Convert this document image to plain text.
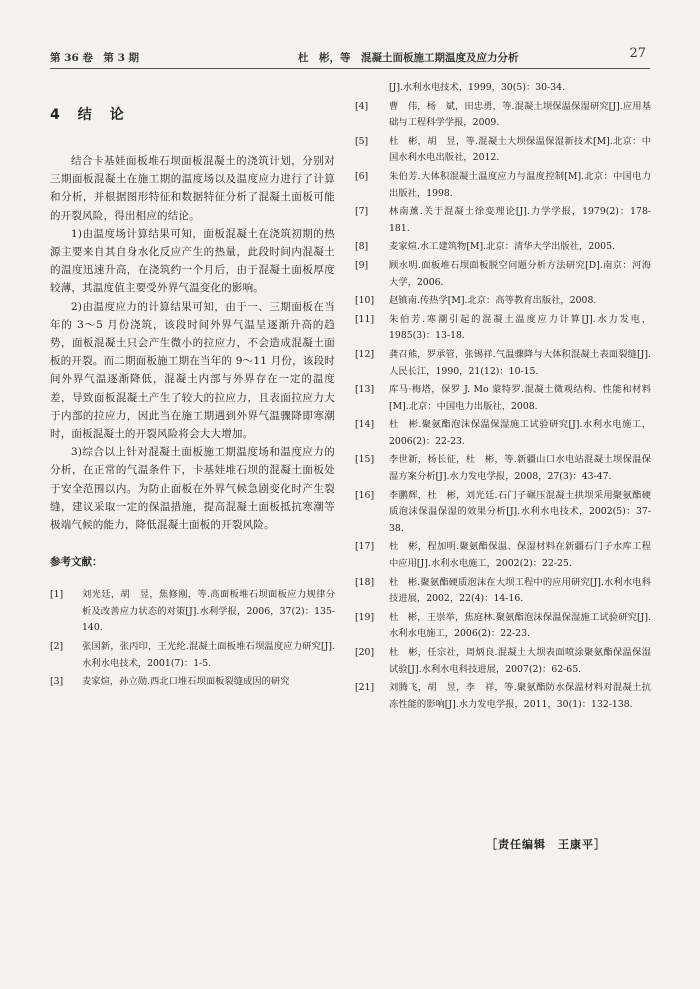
第 36 卷　第 3 期	杜　彬，等　混凝土面板施工期温度及应力分析	27
4　结　论

结合卡基娃面板堆石坝面板混凝土的浇筑计划，分别对三期面板混凝土在施工期的温度场以及温度应力进行了计算和分析，并根据图形特征和数据特征分析了混凝土面板可能的开裂风险，得出相应的结论。

1)由温度场计算结果可知，面板混凝土在浇筑初期的热源主要来自其自身水化反应产生的热量，此段时间内混凝土的温度迅速升高，在浇筑约一个月后，由于混凝土面板厚度较薄，其温度值主要受外界气温变化的影响。

2)由温度应力的计算结果可知，由于一、三期面板在当年的 3～5 月份浇筑，该段时间外界气温呈逐渐升高的趋势，面板混凝土只会产生微小的拉应力，不会造成混凝土面板的开裂。而二期面板施工期在当年的 9～11 月份，该段时间外界气温逐渐降低，混凝土内部与外界存在一定的温度差，导致面板混凝土产生了较大的拉应力，且表面拉应力大于内部的拉应力，因此当在施工期遇到外界气温骤降即寒潮时，面板混凝土的开裂风险将会大大增加。

3)综合以上针对混凝土面板施工期温度场和温度应力的分析，在正常的气温条件下，卡基娃堆石坝的混凝土面板处于安全范围以内。为防止面板在外界气候急剧变化时产生裂缝，建议采取一定的保温措施，提高混凝土面板抵抗寒潮等极端气候的能力，降低混凝土面板的开裂风险。

参考文献：
[1]	刘光廷，胡　昱，焦修刚，等.高面板堆石坝面板应力规律分析及改善应力状态的对策[J].水利学报，2006，37(2)：135-140.
[2]	张国新，张丙印，王光纶.混凝土面板堆石坝温度应力研究[J].水利水电技术，2001(7)：1-5.
[3]	麦家煊，孙立勋.西北口堆石坝面板裂缝成因的研究
[J].水利水电技术，1999，30(5)：30-34.
[4]	曹　伟，杨　斌，田忠勇，等.混凝土坝保温保湿研究[J].应用基础与工程科学学报，2009.
[5]	杜　彬，胡　昱，等.混凝土大坝保温保湿新技术[M].北京：中国水利水电出版社，2012.
[6]	朱伯芳.大体积混凝土温度应力与温度控制[M].北京：中国电力出版社，1998.
[7]	林南薰.关于混凝土徐变理论[J].力学学报，1979(2)：178-181.
[8]	麦家煊.水工建筑物[M].北京：清华大学出版社，2005.
[9]	顾水明.面板堆石坝面板脱空问题分析方法研究[D].南京：河海大学，2006.
[10]	赵镇南.传热学[M].北京：高等教育出版社，2008.
[11]	朱伯芳.寒潮引起的混凝土温度应力计算[J].水力发电，1985(3)：13-18.
[12]	龚召熊，罗承管，张锡祥.气温骤降与大体积混凝土表面裂缝[J].人民长江，1990，21(12)：10-15.
[13]	库马·梅塔，保罗 J. Mo 蒙特罗.混凝土微观结构、性能和材料[M].北京：中国电力出版社，2008.
[14]	杜　彬.聚氨酯泡沫保温保湿施工试验研究[J].水利水电施工，2006(2)：22-23.
[15]	李世新，杨长征，杜　彬，等.新疆山口水电站混凝土坝保温保湿方案分析[J].水力发电学报，2008，27(3)：43-47.
[16]	李鹏辉，杜　彬，刘光廷.石门子碾压混凝土拱坝采用聚氨酯硬质泡沫保温保湿的效果分析[J].水利水电技术，2002(5)：37-38.
[17]	杜　彬，程加明.聚氨酯保温、保湿材料在新疆石门子水库工程中应用[J].水利水电施工，2002(2)：22-25.
[18]	杜　彬.聚氨酯硬质泡沫在大坝工程中的应用研究[J].水利水电科技进展，2002，22(4)：14-16.
[19]	杜　彬，王崇举，焦庭林.聚氨酯泡沫保温保湿施工试验研究[J].水利水电施工，2006(2)：22-23.
[20]	杜　彬，任宗社，周炳良.混凝土大坝表面喷涂聚氨酯保温保湿试验[J].水利水电科技进展，2007(2)：62-65.
[21]	刘腾飞，胡　昱，李　祥，等.聚氨酯防水保温材料对混凝土抗冻性能的影响[J].水力发电学报，2011，30(1)：132-138.
［责任编辑　王康平］
